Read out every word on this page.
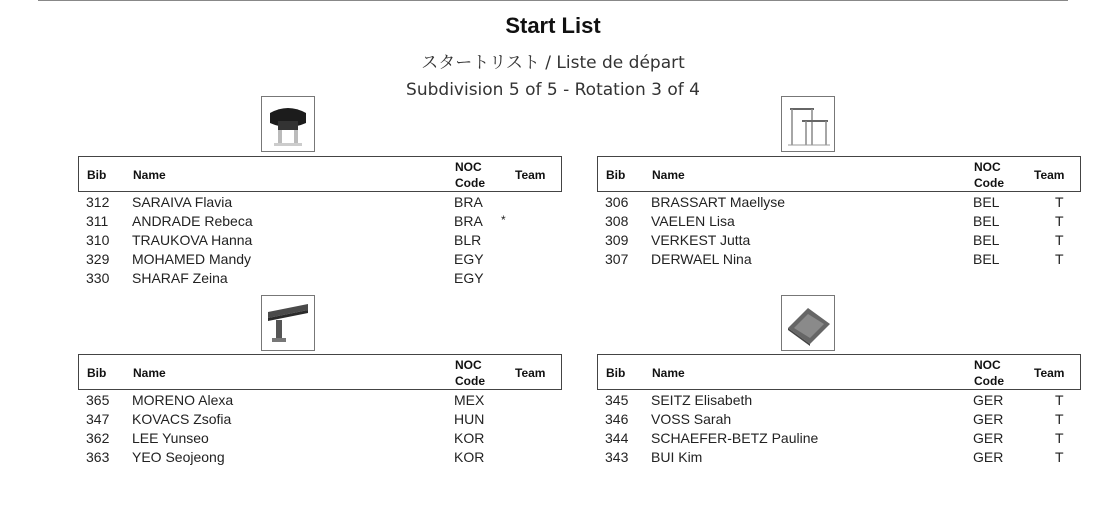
Start List
スタートリスト / Liste de départ
Subdivision 5 of 5 - Rotation 3 of 4
Bib Name
NOC
Code
Team
312 SARAIVA Flavia	BRA
311 ANDRADE Rebeca	BRA *
310 TRAUKOVA Hanna	BLR
329 MOHAMED Mandy	EGY
330 SHARAF Zeina	EGY
Bib Name
NOC
Code
Team
306 BRASSART Maellyse	BEL	T
308 VAELEN Lisa	BEL	T
309 VERKEST Jutta	BEL	T
307 DERWAEL Nina	BEL	T
Bib Name
NOC
Code
Team
365 MORENO Alexa	MEX
347 KOVACS Zsofia	HUN
362 LEE Yunseo	KOR
363 YEO Seojeong	KOR
Bib Name
NOC
Code
Team
345 SEITZ Elisabeth	GER	T
346 VOSS Sarah	GER	T
344 SCHAEFER-BETZ Pauline	GER	T
343 BUI Kim	GER	T
